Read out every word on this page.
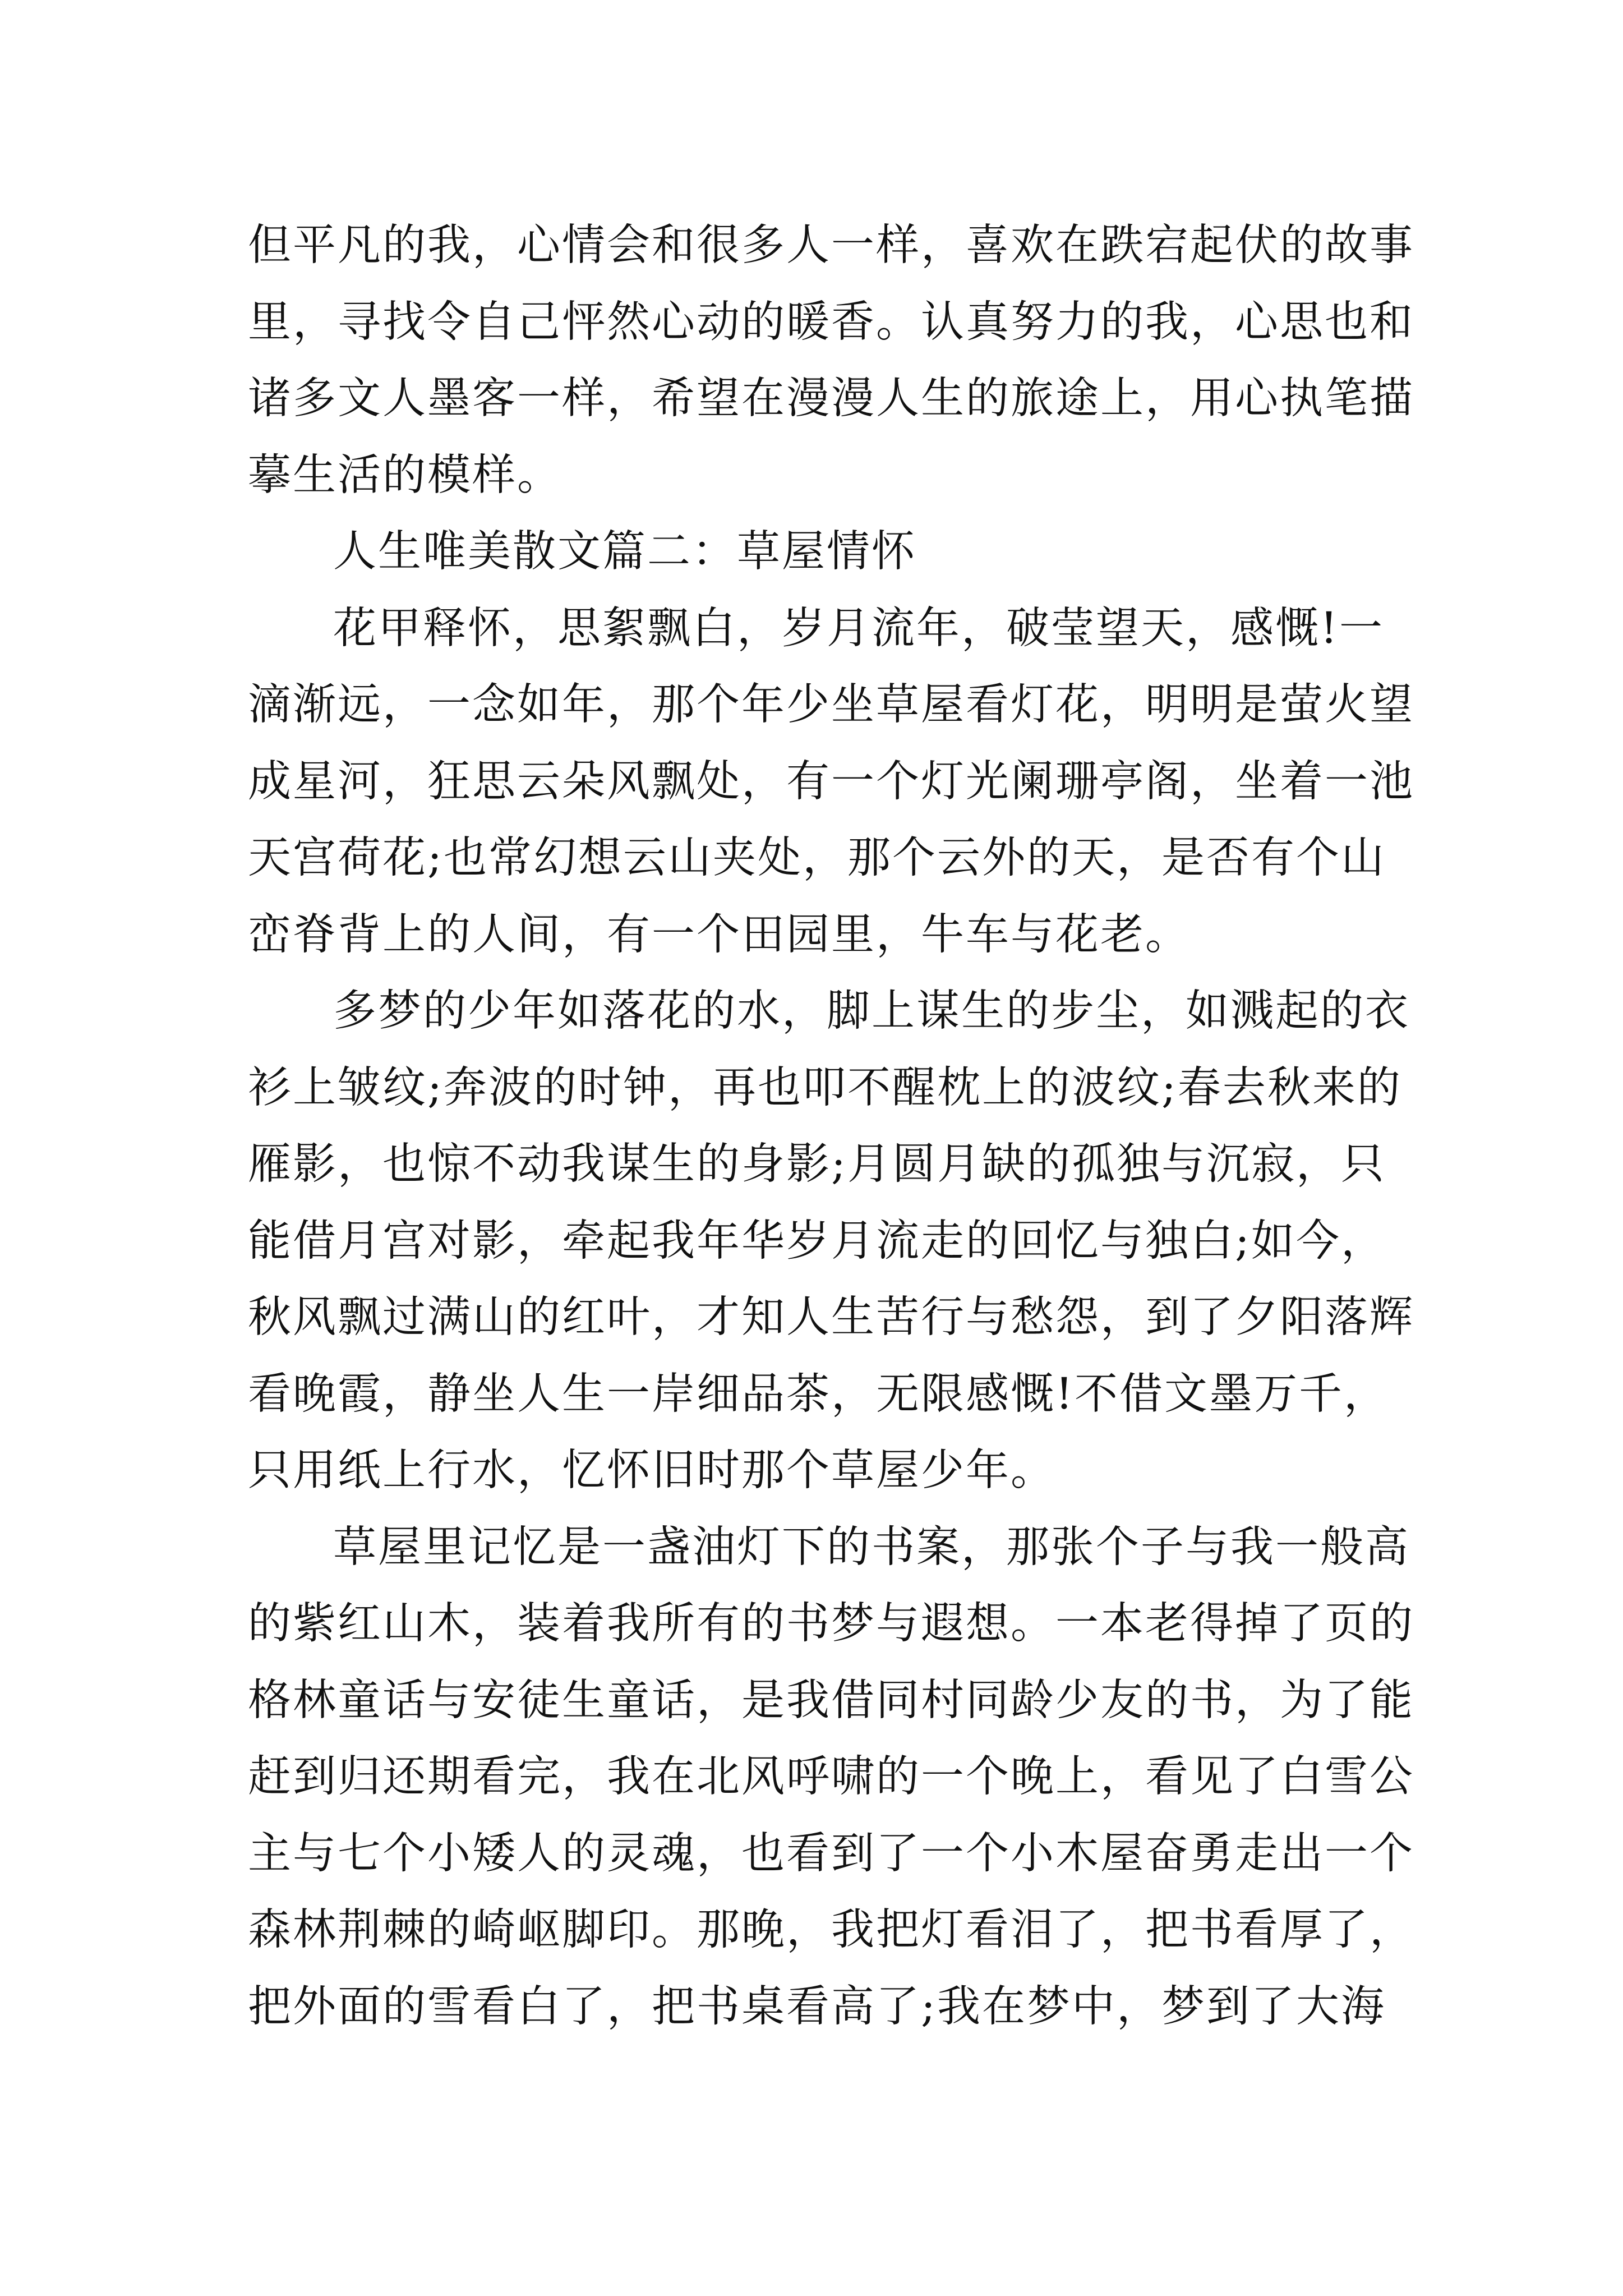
但平凡的我，心情会和很多人一样，喜欢在跌宕起伏的故事
里，寻找令自己怦然心动的暖香。认真努力的我，心思也和
诸多文人墨客一样，希望在漫漫人生的旅途上，用心执笔描
摹生活的模样。
人生唯美散文篇二：草屋情怀
花甲释怀，思絮飘白，岁月流年，破莹望天，感慨!一
滴渐远，一念如年，那个年少坐草屋看灯花，明明是萤火望
成星河，狂思云朵风飘处，有一个灯光阑珊亭阁，坐着一池
天宫荷花;也常幻想云山夹处，那个云外的天，是否有个山
峦脊背上的人间，有一个田园里，牛车与花老。
多梦的少年如落花的水，脚上谋生的步尘，如溅起的衣
衫上皱纹;奔波的时钟，再也叩不醒枕上的波纹;春去秋来的
雁影，也惊不动我谋生的身影;月圆月缺的孤独与沉寂，只
能借月宫对影，牵起我年华岁月流走的回忆与独白;如今，
秋风飘过满山的红叶，才知人生苦行与愁怨，到了夕阳落辉
看晚霞，静坐人生一岸细品茶，无限感慨!不借文墨万千，
只用纸上行水，忆怀旧时那个草屋少年。
草屋里记忆是一盏油灯下的书案，那张个子与我一般高
的紫红山木，装着我所有的书梦与遐想。一本老得掉了页的
格林童话与安徒生童话，是我借同村同龄少友的书，为了能
赶到归还期看完，我在北风呼啸的一个晚上，看见了白雪公
主与七个小矮人的灵魂，也看到了一个小木屋奋勇走出一个
森林荆棘的崎岖脚印。那晚，我把灯看泪了，把书看厚了，
把外面的雪看白了，把书桌看高了;我在梦中，梦到了大海
